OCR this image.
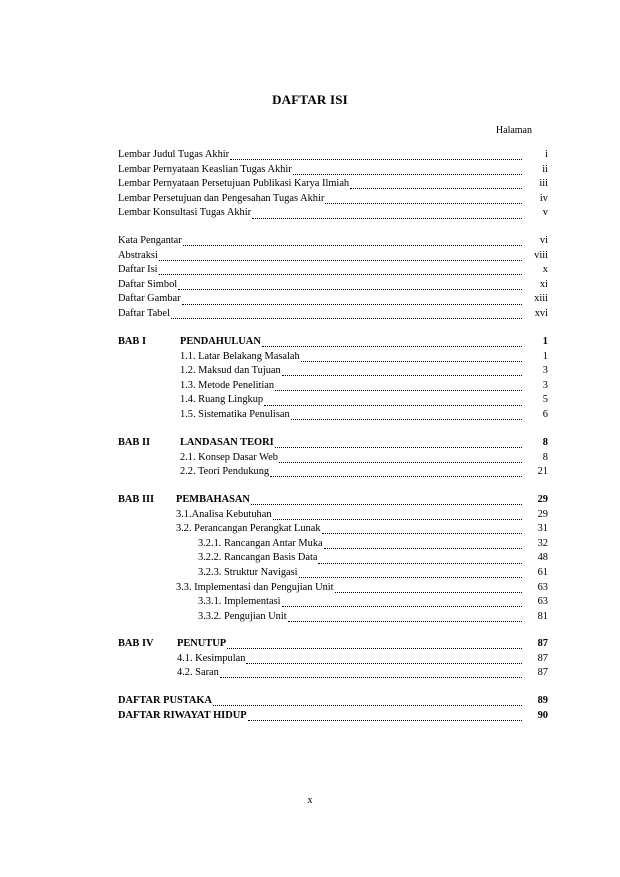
DAFTAR ISI
Halaman
Lembar Judul Tugas Akhir	i
Lembar Pernyataan Keaslian Tugas Akhir	ii
Lembar Pernyataan Persetujuan Publikasi Karya Ilmiah	iii
Lembar Persetujuan dan Pengesahan Tugas Akhir	iv
Lembar Konsultasi Tugas Akhir	v
Kata Pengantar	vi
Abstraksi	viii
Daftar Isi	x
Daftar Simbol	xi
Daftar Gambar	xiii
Daftar Tabel	xvi
BAB I	PENDAHULUAN	1
1.1. Latar Belakang Masalah	1
1.2. Maksud dan Tujuan	3
1.3. Metode Penelitian	3
1.4. Ruang Lingkup	5
1.5. Sistematika Penulisan	6
BAB II	LANDASAN TEORI	8
2.1. Konsep Dasar Web	8
2.2. Teori Pendukung	21
BAB III	PEMBAHASAN	29
3.1.Analisa Kebutuhan	29
3.2. Perancangan Perangkat Lunak	31
3.2.1. Rancangan Antar Muka	32
3.2.2. Rancangan Basis Data	48
3.2.3. Struktur Navigasi	61
3.3. Implementasi dan Pengujian Unit	63
3.3.1. Implementasi	63
3.3.2. Pengujian Unit	81
BAB IV	PENUTUP	87
4.1. Kesimpulan	87
4.2. Saran	87
DAFTAR PUSTAKA	89
DAFTAR RIWAYAT HIDUP	90
x
